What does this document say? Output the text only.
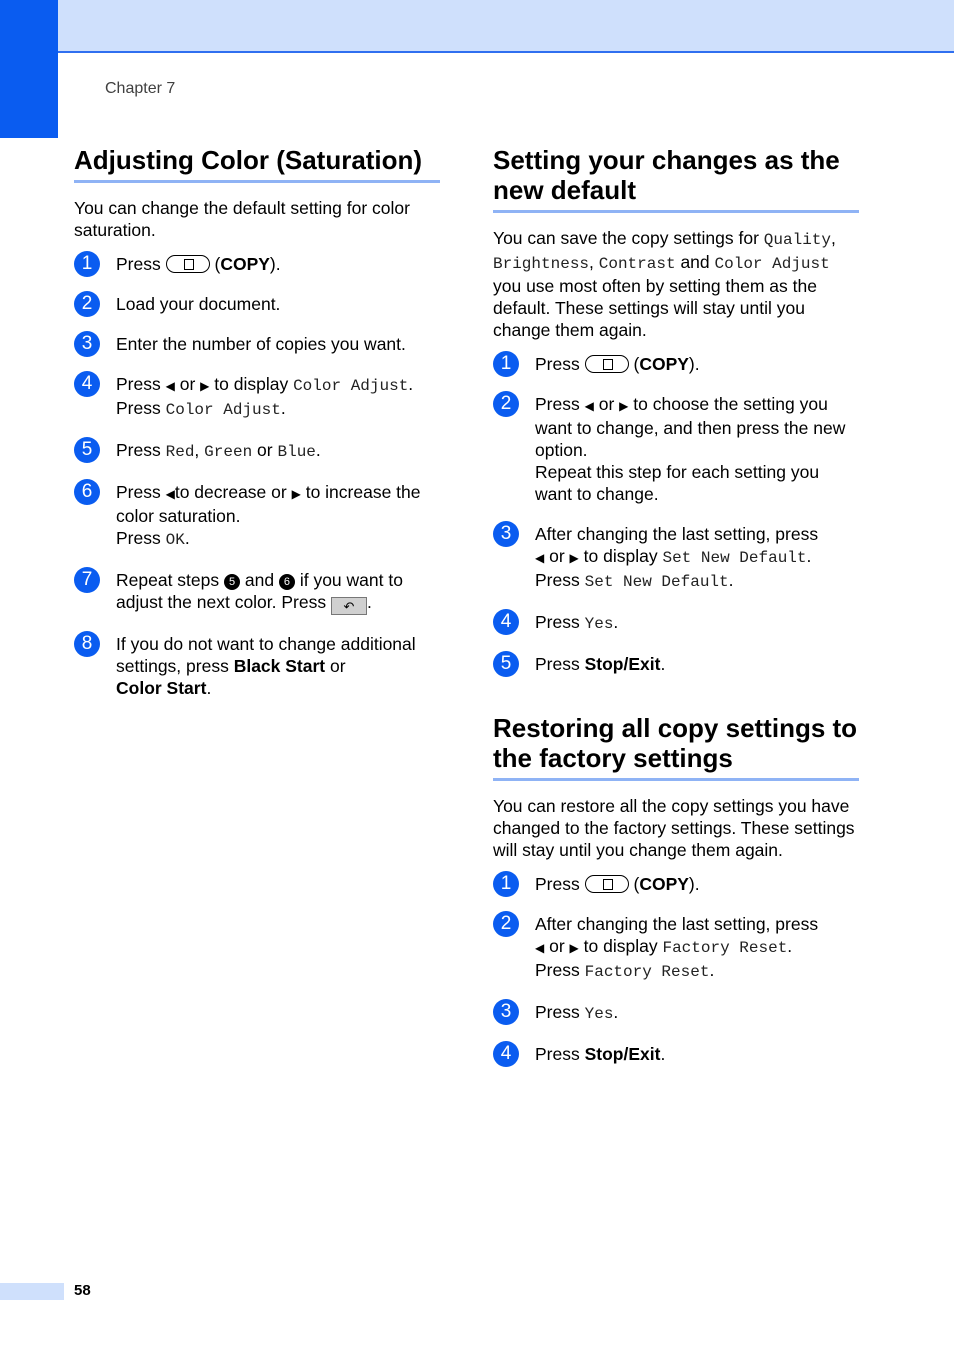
Chapter 7
Adjusting Color (Saturation)

You can change the default setting for color saturation.

1	Press	(COPY).
2	Load your document.
3	Enter the number of copies you want.
4	Press ◀ or ▶ to display Color Adjust.
Press Color Adjust.
5	Press Red, Green or Blue.
6	Press ◀to decrease or ▶ to increase the color saturation.
Press OK.
7	Repeat steps 5 and 6 if you want to adjust the next color. Press ↶ .
8	If you do not want to change additional settings, press Black Start or
Color Start.
Setting your changes as the new default

You can save the copy settings for Quality, Brightness, Contrast and Color Adjust you use most often by setting them as the default. These settings will stay until you change them again.

1	Press	(COPY).
2	Press ◀ or ▶ to choose the setting you want to change, and then press the new option.
Repeat this step for each setting you want to change.
3	After changing the last setting, press
◀ or ▶ to display Set New Default.
Press Set New Default.
4	Press Yes.
5	Press Stop/Exit.
Restoring all copy settings to the factory settings

You can restore all the copy settings you have changed to the factory settings. These settings will stay until you change them again.

1	Press	(COPY).
2	After changing the last setting, press
◀ or ▶ to display Factory Reset.
Press Factory Reset.
3	Press Yes.
4	Press Stop/Exit.
58
